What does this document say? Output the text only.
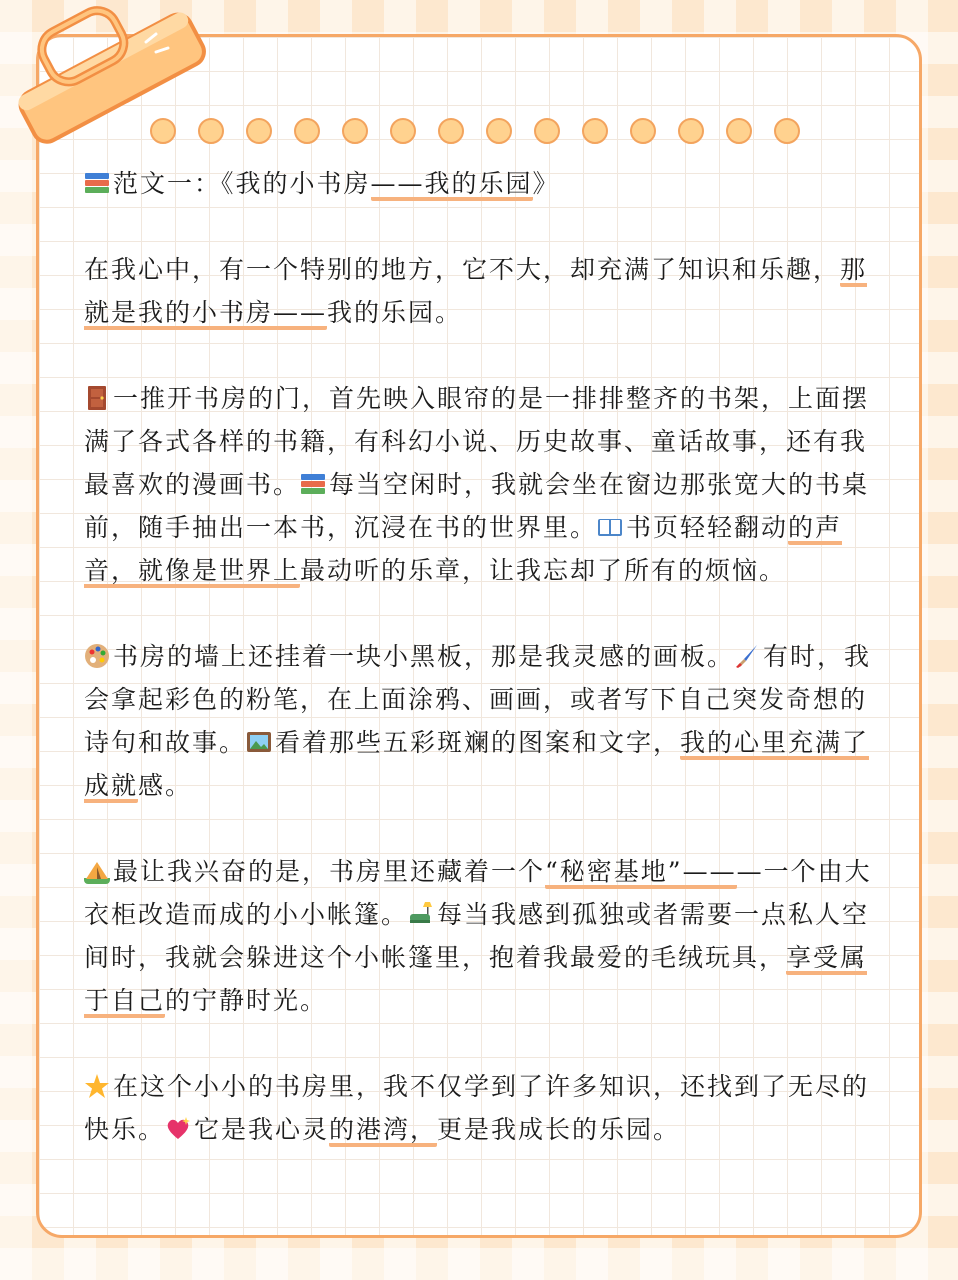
范文一：《我的小书房——我的乐园》

在我心中，有一个特别的地方，它不大，却充满了知识和乐趣，那就是我的小书房——我的乐园。

一推开书房的门，首先映入眼帘的是一排排整齐的书架，上面摆满了各式各样的书籍，有科幻小说、历史故事、童话故事，还有我最喜欢的漫画书。 每当空闲时，我就会坐在窗边那张宽大的书桌前，随手抽出一本书，沉浸在书的世界里。 书页轻轻翻动的声音，就像是世界上最动听的乐章，让我忘却了所有的烦恼。

书房的墙上还挂着一块小黑板，那是我灵感的画板。 有时，我会拿起彩色的粉笔，在上面涂鸦、画画，或者写下自己突发奇想的诗句和故事。 看着那些五彩斑斓的图案和文字，我的心里充满了成就感。

最让我兴奋的是，书房里还藏着一个“秘密基地”———一个由大衣柜改造而成的小小帐篷。 每当我感到孤独或者需要一点私人空间时，我就会躲进这个小帐篷里，抱着我最爱的毛绒玩具，享受属于自己的宁静时光。

在这个小小的书房里，我不仅学到了许多知识，还找到了无尽的快乐。 它是我心灵的港湾，更是我成长的乐园。
